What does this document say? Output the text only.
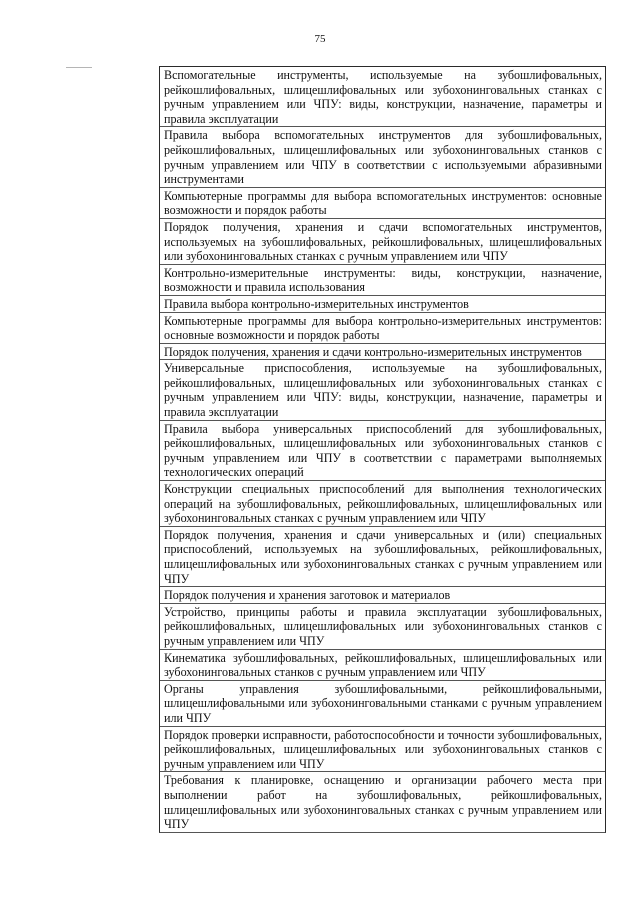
75
Вспомогательные инструменты, используемые на зубошлифовальных, рейкошлифовальных, шлицешлифовальных или зубохонинговальных станках с ручным управлением или ЧПУ: виды, конструкции, назначение, параметры и правила эксплуатации
Правила выбора вспомогательных инструментов для зубошлифовальных, рейкошлифовальных, шлицешлифовальных или зубохонинговальных станков с ручным управлением или ЧПУ в соответствии с используемыми абразивными инструментами
Компьютерные программы для выбора вспомогательных инструментов: основные возможности и порядок работы
Порядок получения, хранения и сдачи вспомогательных инструментов, используемых на зубошлифовальных, рейкошлифовальных, шлицешлифовальных или зубохонинговальных станках с ручным управлением или ЧПУ
Контрольно-измерительные инструменты: виды, конструкции, назначение, возможности и правила использования
Правила выбора контрольно-измерительных инструментов
Компьютерные программы для выбора контрольно-измерительных инструментов: основные возможности и порядок работы
Порядок получения, хранения и сдачи контрольно-измерительных инструментов
Универсальные приспособления, используемые на зубошлифовальных, рейкошлифовальных, шлицешлифовальных или зубохонинговальных станках с ручным управлением или ЧПУ: виды, конструкции, назначение, параметры и правила эксплуатации
Правила выбора универсальных приспособлений для зубошлифовальных, рейкошлифовальных, шлицешлифовальных или зубохонинговальных станков с ручным управлением или ЧПУ в соответствии с параметрами выполняемых технологических операций
Конструкции специальных приспособлений для выполнения технологических операций на зубошлифовальных, рейкошлифовальных, шлицешлифовальных или зубохонинговальных станках с ручным управлением или ЧПУ
Порядок получения, хранения и сдачи универсальных и (или) специальных приспособлений, используемых на зубошлифовальных, рейкошлифовальных, шлицешлифовальных или зубохонинговальных станках с ручным управлением или ЧПУ
Порядок получения и хранения заготовок и материалов
Устройство, принципы работы и правила эксплуатации зубошлифовальных, рейкошлифовальных, шлицешлифовальных или зубохонинговальных станков с ручным управлением или ЧПУ
Кинематика зубошлифовальных, рейкошлифовальных, шлицешлифовальных или зубохонинговальных станков с ручным управлением или ЧПУ
Органы управления зубошлифовальными, рейкошлифовальными, шлицешлифовальными или зубохонинговальными станками с ручным управлением или ЧПУ
Порядок проверки исправности, работоспособности и точности зубошлифовальных, рейкошлифовальных, шлицешлифовальных или зубохонинговальных станков с ручным управлением или ЧПУ
Требования к планировке, оснащению и организации рабочего места при выполнении работ на зубошлифовальных, рейкошлифовальных, шлицешлифовальных или зубохонинговальных станках с ручным управлением или ЧПУ
